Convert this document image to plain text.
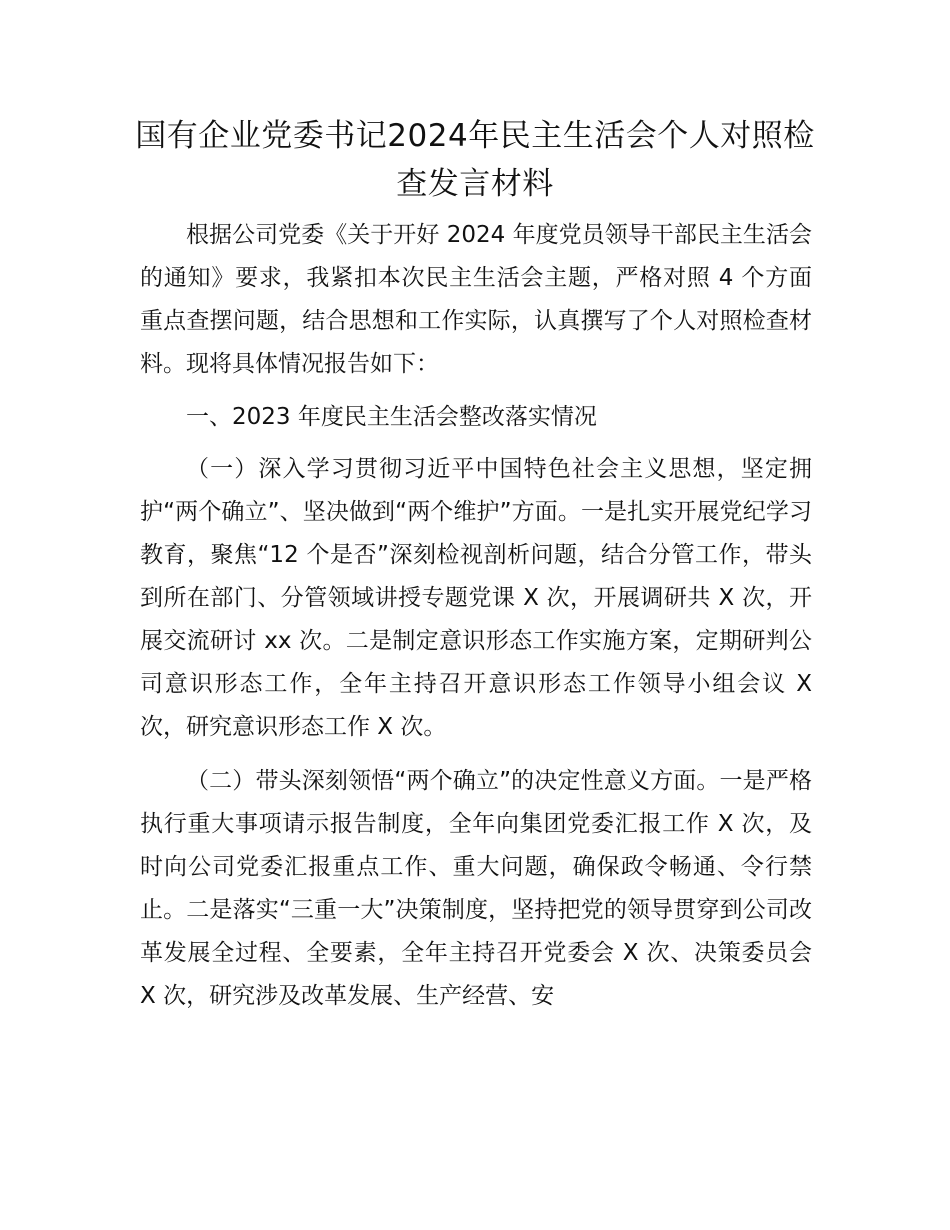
国有企业党委书记2024年民主生活会个人对照检查发言材料

根据公司党委《关于开好 2024 年度党员领导干部民主生活会的通知》要求，我紧扣本次民主生活会主题，严格对照 4 个方面重点查摆问题，结合思想和工作实际，认真撰写了个人对照检查材料。现将具体情况报告如下：

一、2023 年度民主生活会整改落实情况

（一）深入学习贯彻习近平中国特色社会主义思想，坚定拥护“两个确立”、坚决做到“两个维护”方面。一是扎实开展党纪学习教育，聚焦“12 个是否”深刻检视剖析问题，结合分管工作，带头到所在部门、分管领域讲授专题党课 X 次，开展调研共 X 次，开展交流研讨 xx 次。二是制定意识形态工作实施方案，定期研判公司意识形态工作，全年主持召开意识形态工作领导小组会议 X 次，研究意识形态工作 X 次。

（二）带头深刻领悟“两个确立”的决定性意义方面。一是严格执行重大事项请示报告制度，全年向集团党委汇报工作 X 次，及时向公司党委汇报重点工作、重大问题，确保政令畅通、令行禁止。二是落实“三重一大”决策制度，坚持把党的领导贯穿到公司改革发展全过程、全要素，全年主持召开党委会 X 次、决策委员会 X 次，研究涉及改革发展、生产经营、安
